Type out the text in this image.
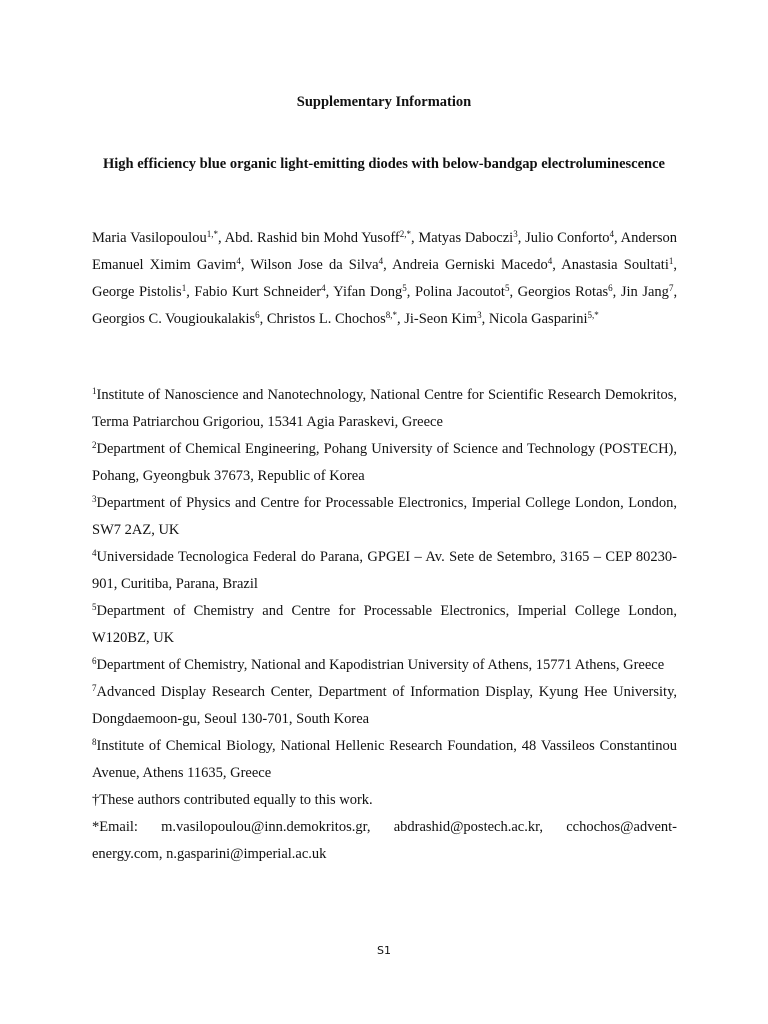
Supplementary Information
High efficiency blue organic light-emitting diodes with below-bandgap electroluminescence
Maria Vasilopoulou$^{1,*}$, Abd. Rashid bin Mohd Yusoff$^{2,*}$, Matyas Daboczi$^3$, Julio Conforto$^4$, Anderson Emanuel Ximim Gavim$^4$, Wilson Jose da Silva$^4$, Andreia Gerniski Macedo$^4$, Anastasia Soultati$^1$, George Pistolis$^1$, Fabio Kurt Schneider$^4$, Yifan Dong$^5$, Polina Jacoutot$^5$, Georgios Rotas$^6$, Jin Jang$^7$, Georgios C. Vougioukalakis$^6$, Christos L. Chochos$^{8,*}$, Ji-Seon Kim$^3$, Nicola Gasparini$^{5,*}$

$^1$Institute of Nanoscience and Nanotechnology, National Centre for Scientific Research Demokritos, Terma Patriarchou Grigoriou, 15341 Agia Paraskevi, Greece

$^2$Department of Chemical Engineering, Pohang University of Science and Technology (POSTECH), Pohang, Gyeongbuk 37673, Republic of Korea

$^3$Department of Physics and Centre for Processable Electronics, Imperial College London, London, SW7 2AZ, UK

$^4$Universidade Tecnologica Federal do Parana, GPGEI – Av. Sete de Setembro, 3165 – CEP 80230-901, Curitiba, Parana, Brazil

$^5$Department of Chemistry and Centre for Processable Electronics, Imperial College London, W120BZ, UK

$^6$Department of Chemistry, National and Kapodistrian University of Athens, 15771 Athens, Greece

$^7$Advanced Display Research Center, Department of Information Display, Kyung Hee University, Dongdaemoon-gu, Seoul 130-701, South Korea

$^8$Institute of Chemical Biology, National Hellenic Research Foundation, 48 Vassileos Constantinou Avenue, Athens 11635, Greece

†These authors contributed equally to this work.

*Email: m.vasilopoulou@inn.demokritos.gr, abdrashid@postech.ac.kr, cchochos@advent-

energy.com, n.gasparini@imperial.ac.uk

S1
